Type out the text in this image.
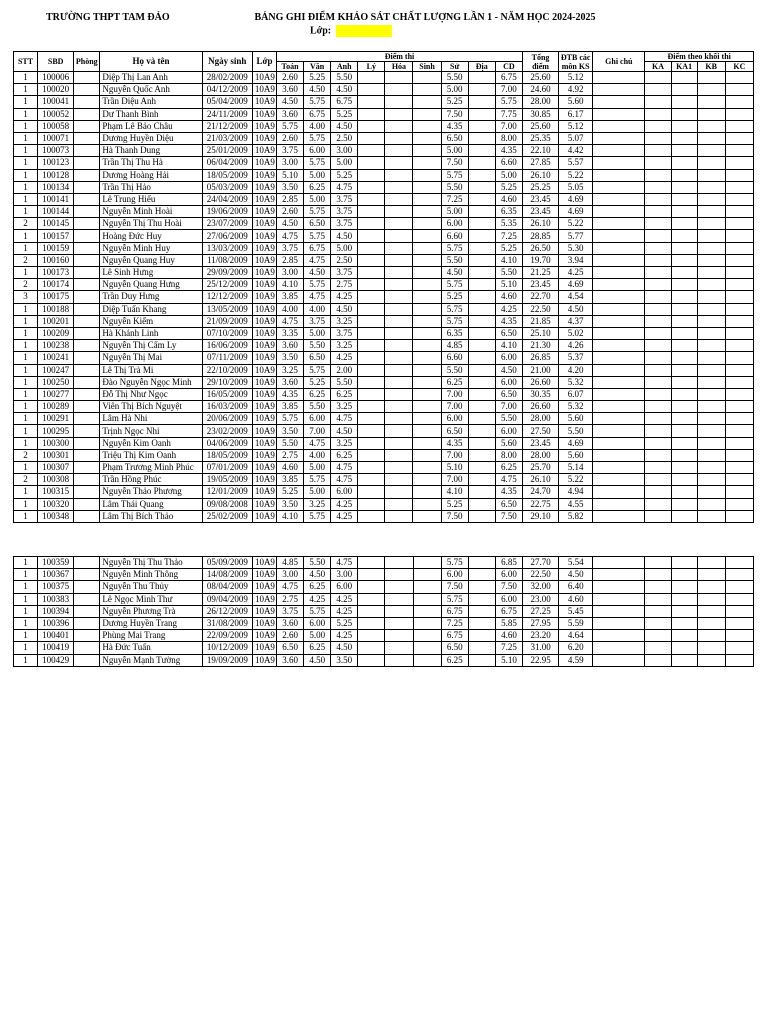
TRƯỜNG THPT TAM ĐẢO	BẢNG GHI ĐIỂM KHẢO SÁT CHẤT LƯỢNG LẦN 1 - NĂM HỌC 2024-2025
Lớp:
STT	SBD	Phòng	Họ và tên	Ngày sinh	Lớp	Điểm thi									Tổng điểm	ĐTB các môn KS	Ghi chú	Điểm theo khối thi			
						Toán	Văn	Anh	Lý	Hóa	Sinh	Sử	Địa	CD				KA	KA1	KB	KC
1	100006		Diệp Thị Lan Anh	28/02/2009	10A9	2.60	5.25	5.50				5.50		6.75	25.60	5.12					
1	100020		Nguyễn Quốc Anh	04/12/2009	10A9	3.60	4.50	4.50				5.00		7.00	24.60	4.92					
1	100041		Trần Diệu Anh	05/04/2009	10A9	4.50	5.75	6.75				5.25		5.75	28.00	5.60					
1	100052		Dư Thanh Bình	24/11/2009	10A9	3.60	6.75	5.25				7.50		7.75	30.85	6.17					
1	100058		Phạm Lê Bảo Châu	21/12/2009	10A9	5.75	4.00	4.50				4.35		7.00	25.60	5.12					
1	100071		Dương Huyền Diệu	21/03/2009	10A9	2.60	5.75	2.50				6.50		8.00	25.35	5.07					
1	100073		Hà Thanh Dung	25/01/2009	10A9	3.75	6.00	3.00				5.00		4.35	22.10	4.42					
1	100123		Trần Thị Thu Hà	06/04/2009	10A9	3.00	5.75	5.00				7.50		6.60	27.85	5.57					
1	100128		Dương Hoàng Hải	18/05/2009	10A9	5.10	5.00	5.25				5.75		5.00	26.10	5.22					
1	100134		Trần Thị Hảo	05/03/2009	10A9	3.50	6.25	4.75				5.50		5.25	25.25	5.05					
1	100141		Lê Trung Hiếu	24/04/2009	10A9	2.85	5.00	3.75				7.25		4.60	23.45	4.69					
1	100144		Nguyễn Minh Hoài	19/06/2009	10A9	2.60	5.75	3.75				5.00		6.35	23.45	4.69					
2	100145		Nguyễn Thị Thu Hoài	23/07/2009	10A9	4.50	6.50	3.75				6.00		5.35	26.10	5.22					
1	100157		Hoàng Đức Huy	27/06/2009	10A9	4.75	5.75	4.50				6.60		7.25	28.85	5.77					
1	100159		Nguyễn Minh Huy	13/03/2009	10A9	3.75	6.75	5.00				5.75		5.25	26.50	5.30					
2	100160		Nguyễn Quang Huy	11/08/2009	10A9	2.85	4.75	2.50				5.50		4.10	19.70	3.94					
1	100173		Lê Sinh Hưng	29/09/2009	10A9	3.00	4.50	3.75				4.50		5.50	21.25	4.25					
2	100174		Nguyễn Quang Hưng	25/12/2009	10A9	4.10	5.75	2.75				5.75		5.10	23.45	4.69					
3	100175		Trần Duy Hưng	12/12/2009	10A9	3.85	4.75	4.25				5.25		4.60	22.70	4.54					
1	100188		Diệp Tuấn Khang	13/05/2009	10A9	4.00	4.00	4.50				5.75		4.25	22.50	4.50					
1	100201		Nguyễn Kiểm	21/09/2009	10A9	4.75	3.75	3.25				5.75		4.35	21.85	4.37					
1	100209		Hà Khánh Linh	07/10/2009	10A9	3.35	5.00	3.75				6.35		6.50	25.10	5.02					
1	100238		Nguyễn Thị Cẩm Ly	16/06/2009	10A9	3.60	5.50	3.25				4.85		4.10	21.30	4.26					
1	100241		Nguyễn Thị Mai	07/11/2009	10A9	3.50	6.50	4.25				6.60		6.00	26.85	5.37					
1	100247		Lê Thị Trà Mi	22/10/2009	10A9	3.25	5.75	2.00				5.50		4.50	21.00	4.20					
1	100250		Đào Nguyễn Ngọc Minh	29/10/2009	10A9	3.60	5.25	5.50				6.25		6.00	26.60	5.32					
1	100277		Đỗ Thị Như Ngọc	16/05/2009	10A9	4.35	6.25	6.25				7.00		6.50	30.35	6.07					
1	100289		Viên Thị Bích Nguyệt	16/03/2009	10A9	3.85	5.50	3.25				7.00		7.00	26.60	5.32					
1	100291		Lâm Hà Nhi	20/06/2009	10A9	5.75	6.00	4.75				6.00		5.50	28.00	5.60					
1	100295		Trịnh Ngọc Nhi	23/02/2009	10A9	3.50	7.00	4.50				6.50		6.00	27.50	5.50					
1	100300		Nguyễn Kim Oanh	04/06/2009	10A9	5.50	4.75	3.25				4.35		5.60	23.45	4.69					
2	100301		Triệu Thị Kim Oanh	18/05/2009	10A9	2.75	4.00	6.25				7.00		8.00	28.00	5.60					
1	100307		Phạm Trương Minh Phúc	07/01/2009	10A9	4.60	5.00	4.75				5.10		6.25	25.70	5.14					
2	100308		Trần Hồng Phúc	19/05/2009	10A9	3.85	5.75	4.75				7.00		4.75	26.10	5.22					
1	100315		Nguyễn Thảo Phương	12/01/2009	10A9	5.25	5.00	6.00				4.10		4.35	24.70	4.94					
1	100320		Lâm Thái Quang	09/08/2008	10A9	3.50	3.25	4.25				5.25		6.50	22.75	4.55					
1	100348		Lâm Thị Bích Thảo	25/02/2009	10A9	4.10	5.75	4.25				7.50		7.50	29.10	5.82					
1	100359		Nguyễn Thị Thu Thảo	05/09/2009	10A9	4.85	5.50	4.75				5.75		6.85	27.70	5.54					
1	100367		Nguyễn Minh Thông	14/08/2009	10A9	3.00	4.50	3.00				6.00		6.00	22.50	4.50					
1	100375		Nguyễn Thu Thủy	08/04/2009	10A9	4.75	6.25	6.00				7.50		7.50	32.00	6.40					
1	100383		Lê Ngọc Minh Thư	09/04/2009	10A9	2.75	4.25	4.25				5.75		6.00	23.00	4.60					
1	100394		Nguyễn Phương Trà	26/12/2009	10A9	3.75	5.75	4.25				6.75		6.75	27.25	5.45					
1	100396		Dương Huyền Trang	31/08/2009	10A9	3.60	6.00	5.25				7.25		5.85	27.95	5.59					
1	100401		Phùng Mai Trang	22/09/2009	10A9	2.60	5.00	4.25				6.75		4.60	23.20	4.64					
1	100419		Hà Đức Tuấn	10/12/2009	10A9	6.50	6.25	4.50				6.50		7.25	31.00	6.20					
1	100429		Nguyễn Mạnh Tường	19/09/2009	10A9	3.60	4.50	3.50				6.25		5.10	22.95	4.59					
